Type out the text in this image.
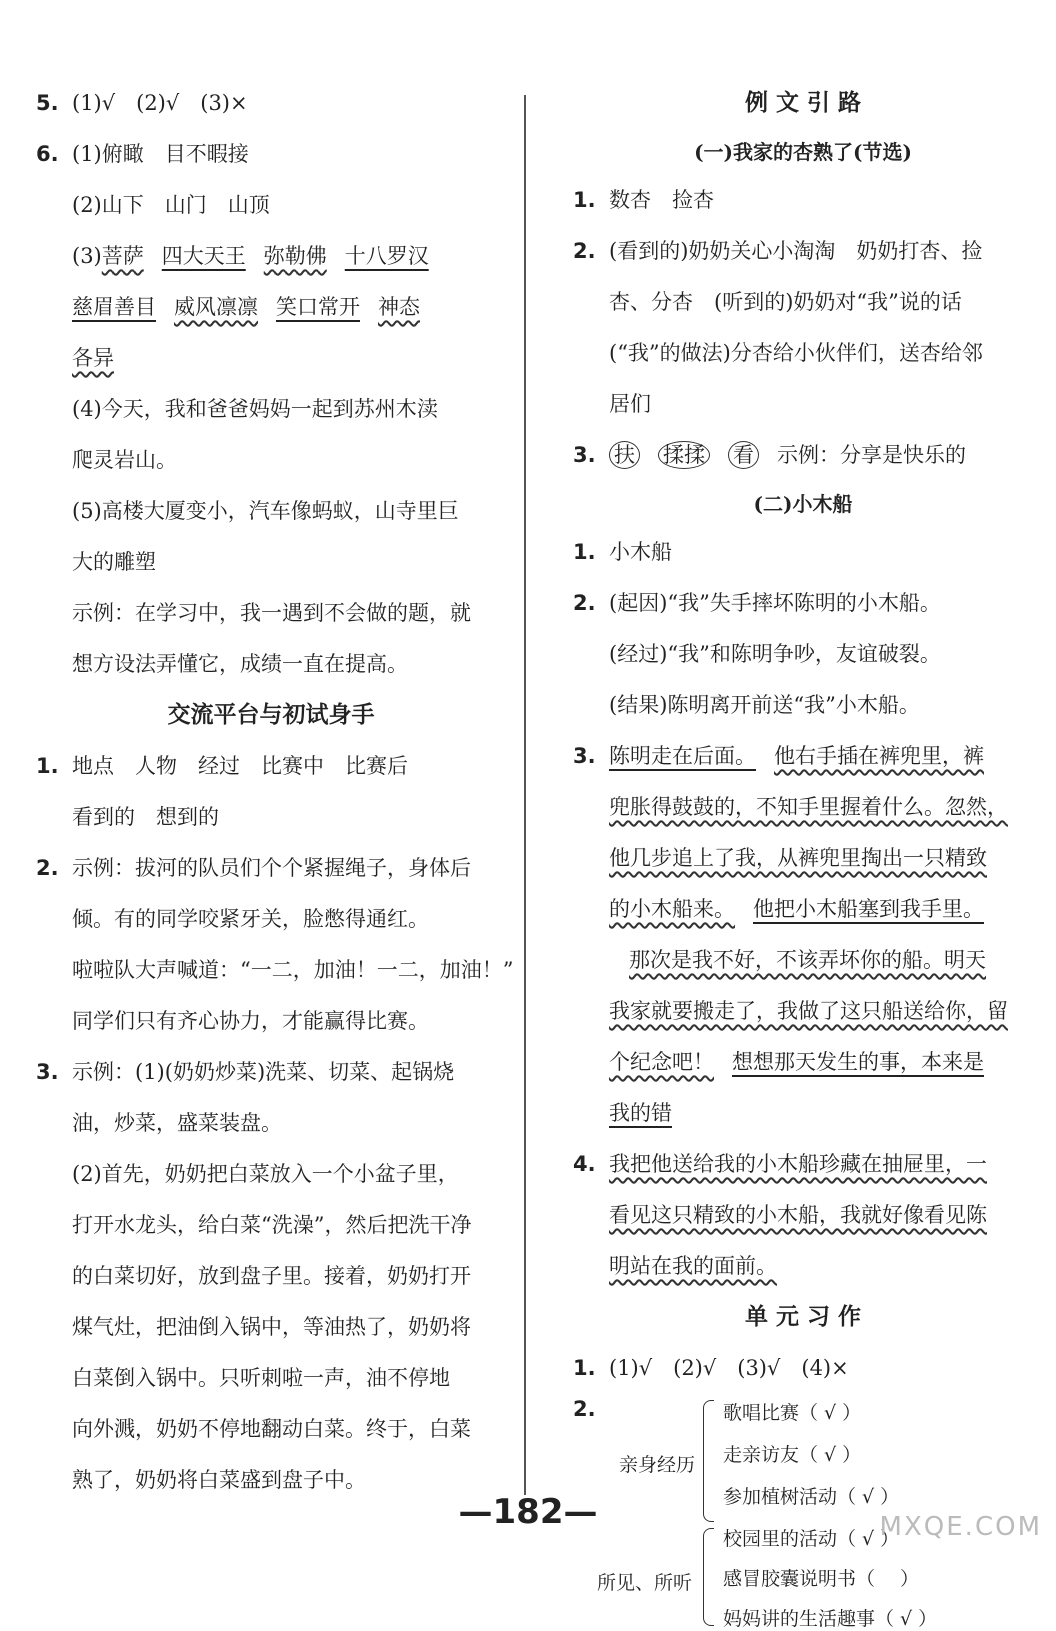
5. (1)√　(2)√　(3)×
6. (1)俯瞰　目不暇接
(2)山下　山门　山顶
(3)菩萨 四大天王 弥勒佛 十八罗汉
慈眉善目 威风凛凛 笑口常开 神态
各异
(4)今天，我和爸爸妈妈一起到苏州木渎
爬灵岩山。
(5)高楼大厦变小，汽车像蚂蚁，山寺里巨
大的雕塑
示例：在学习中，我一遇到不会做的题，就
想方设法弄懂它，成绩一直在提高。
交流平台与初试身手
1. 地点　人物　经过　比赛中　比赛后
看到的　想到的
2. 示例：拔河的队员们个个紧握绳子，身体后
倾。有的同学咬紧牙关，脸憋得通红。
啦啦队大声喊道：“一二，加油！一二，加油！”
同学们只有齐心协力，才能赢得比赛。
3. 示例：(1)(奶奶炒菜)洗菜、切菜、起锅烧
油，炒菜，盛菜装盘。
(2)首先，奶奶把白菜放入一个小盆子里，
打开水龙头，给白菜“洗澡”，然后把洗干净
的白菜切好，放到盘子里。接着，奶奶打开
煤气灶，把油倒入锅中，等油热了，奶奶将
白菜倒入锅中。只听刺啦一声，油不停地
向外溅，奶奶不停地翻动白菜。终于，白菜
熟了，奶奶将白菜盛到盘子中。
例 文 引 路
(一)我家的杏熟了(节选)
1. 数杏　捡杏
2. (看到的)奶奶关心小淘淘　奶奶打杏、捡
杏、分杏　(听到的)奶奶对“我”说的话
(“我”的做法)分杏给小伙伴们，送杏给邻
居们
3. 扶 揉揉 看 示例：分享是快乐的
(二)小木船
1. 小木船
2. (起因)“我”失手摔坏陈明的小木船。
(经过)“我”和陈明争吵，友谊破裂。
(结果)陈明离开前送“我”小木船。
3. 陈明走在后面。 他右手插在裤兜里，裤
兜胀得鼓鼓的，不知手里握着什么。忽然，
他几步追上了我，从裤兜里掏出一只精致
的小木船来。 他把小木船塞到我手里。
那次是我不好，不该弄坏你的船。明天
我家就要搬走了，我做了这只船送给你，留
个纪念吧！ 想想那天发生的事，本来是
我的错
4. 我把他送给我的小木船珍藏在抽屉里，一
看见这只精致的小木船，我就好像看见陈
明站在我的面前。
单 元 习 作
1. (1)√　(2)√　(3)√　(4)×
2.
亲身经历
歌唱比赛（ √ ）
走亲访友（ √ ）
参加植树活动（ √ ）
所见、所听
校园里的活动（ √ ）
感冒胶囊说明书（　 ）
妈妈讲的生活趣事（ √ ）
—182—	MXQE.COM
